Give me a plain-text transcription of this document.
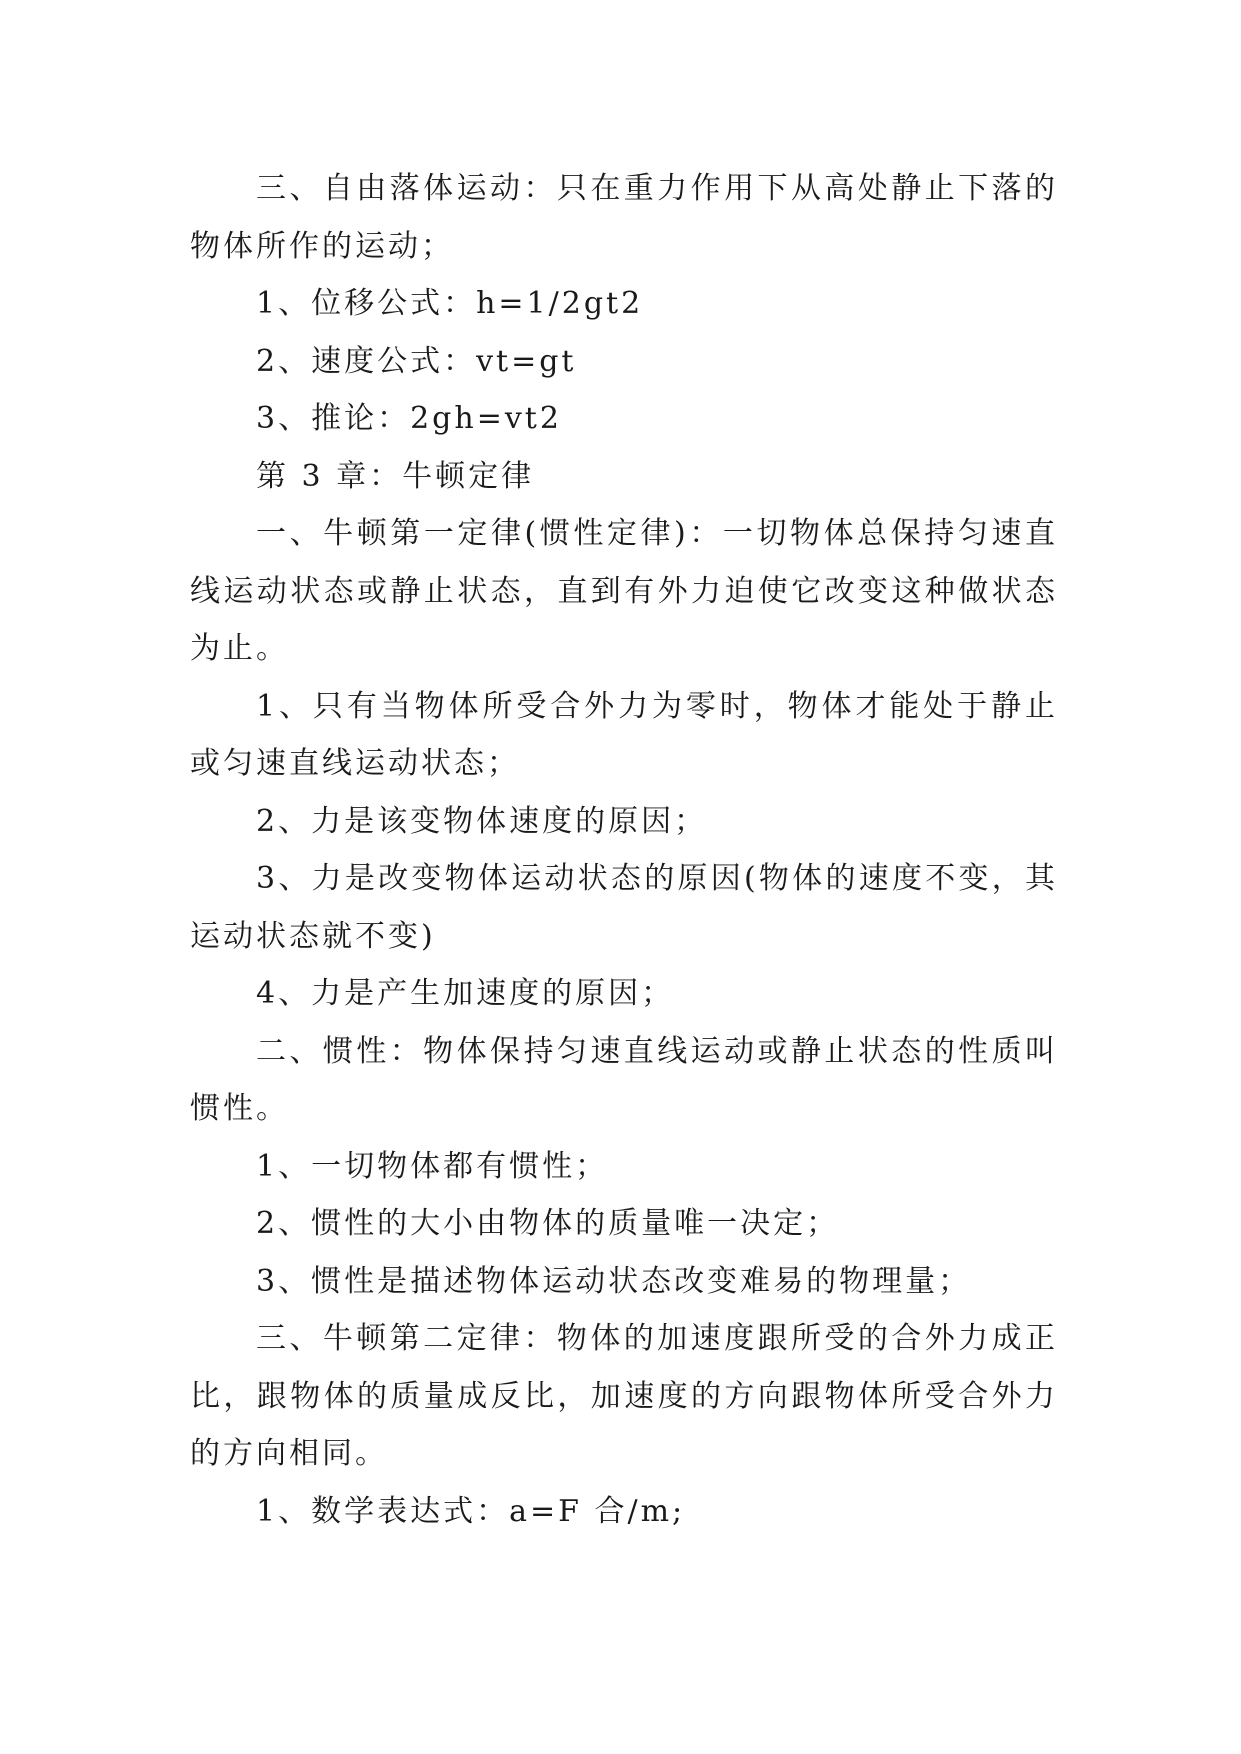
三、自由落体运动：只在重力作用下从高处静止下落的物体所作的运动；

1、位移公式：h=1/2gt2

2、速度公式：vt=gt

3、推论：2gh=vt2

第 3 章：牛顿定律

一、牛顿第一定律(惯性定律)：一切物体总保持匀速直线运动状态或静止状态，直到有外力迫使它改变这种做状态为止。

1、只有当物体所受合外力为零时，物体才能处于静止或匀速直线运动状态；

2、力是该变物体速度的原因；

3、力是改变物体运动状态的原因(物体的速度不变，其运动状态就不变)

4、力是产生加速度的原因；

二、惯性：物体保持匀速直线运动或静止状态的性质叫惯性。

1、一切物体都有惯性；

2、惯性的大小由物体的质量唯一决定；

3、惯性是描述物体运动状态改变难易的物理量；

三、牛顿第二定律：物体的加速度跟所受的合外力成正比，跟物体的质量成反比，加速度的方向跟物体所受合外力的方向相同。

1、数学表达式：a=F 合/m;
